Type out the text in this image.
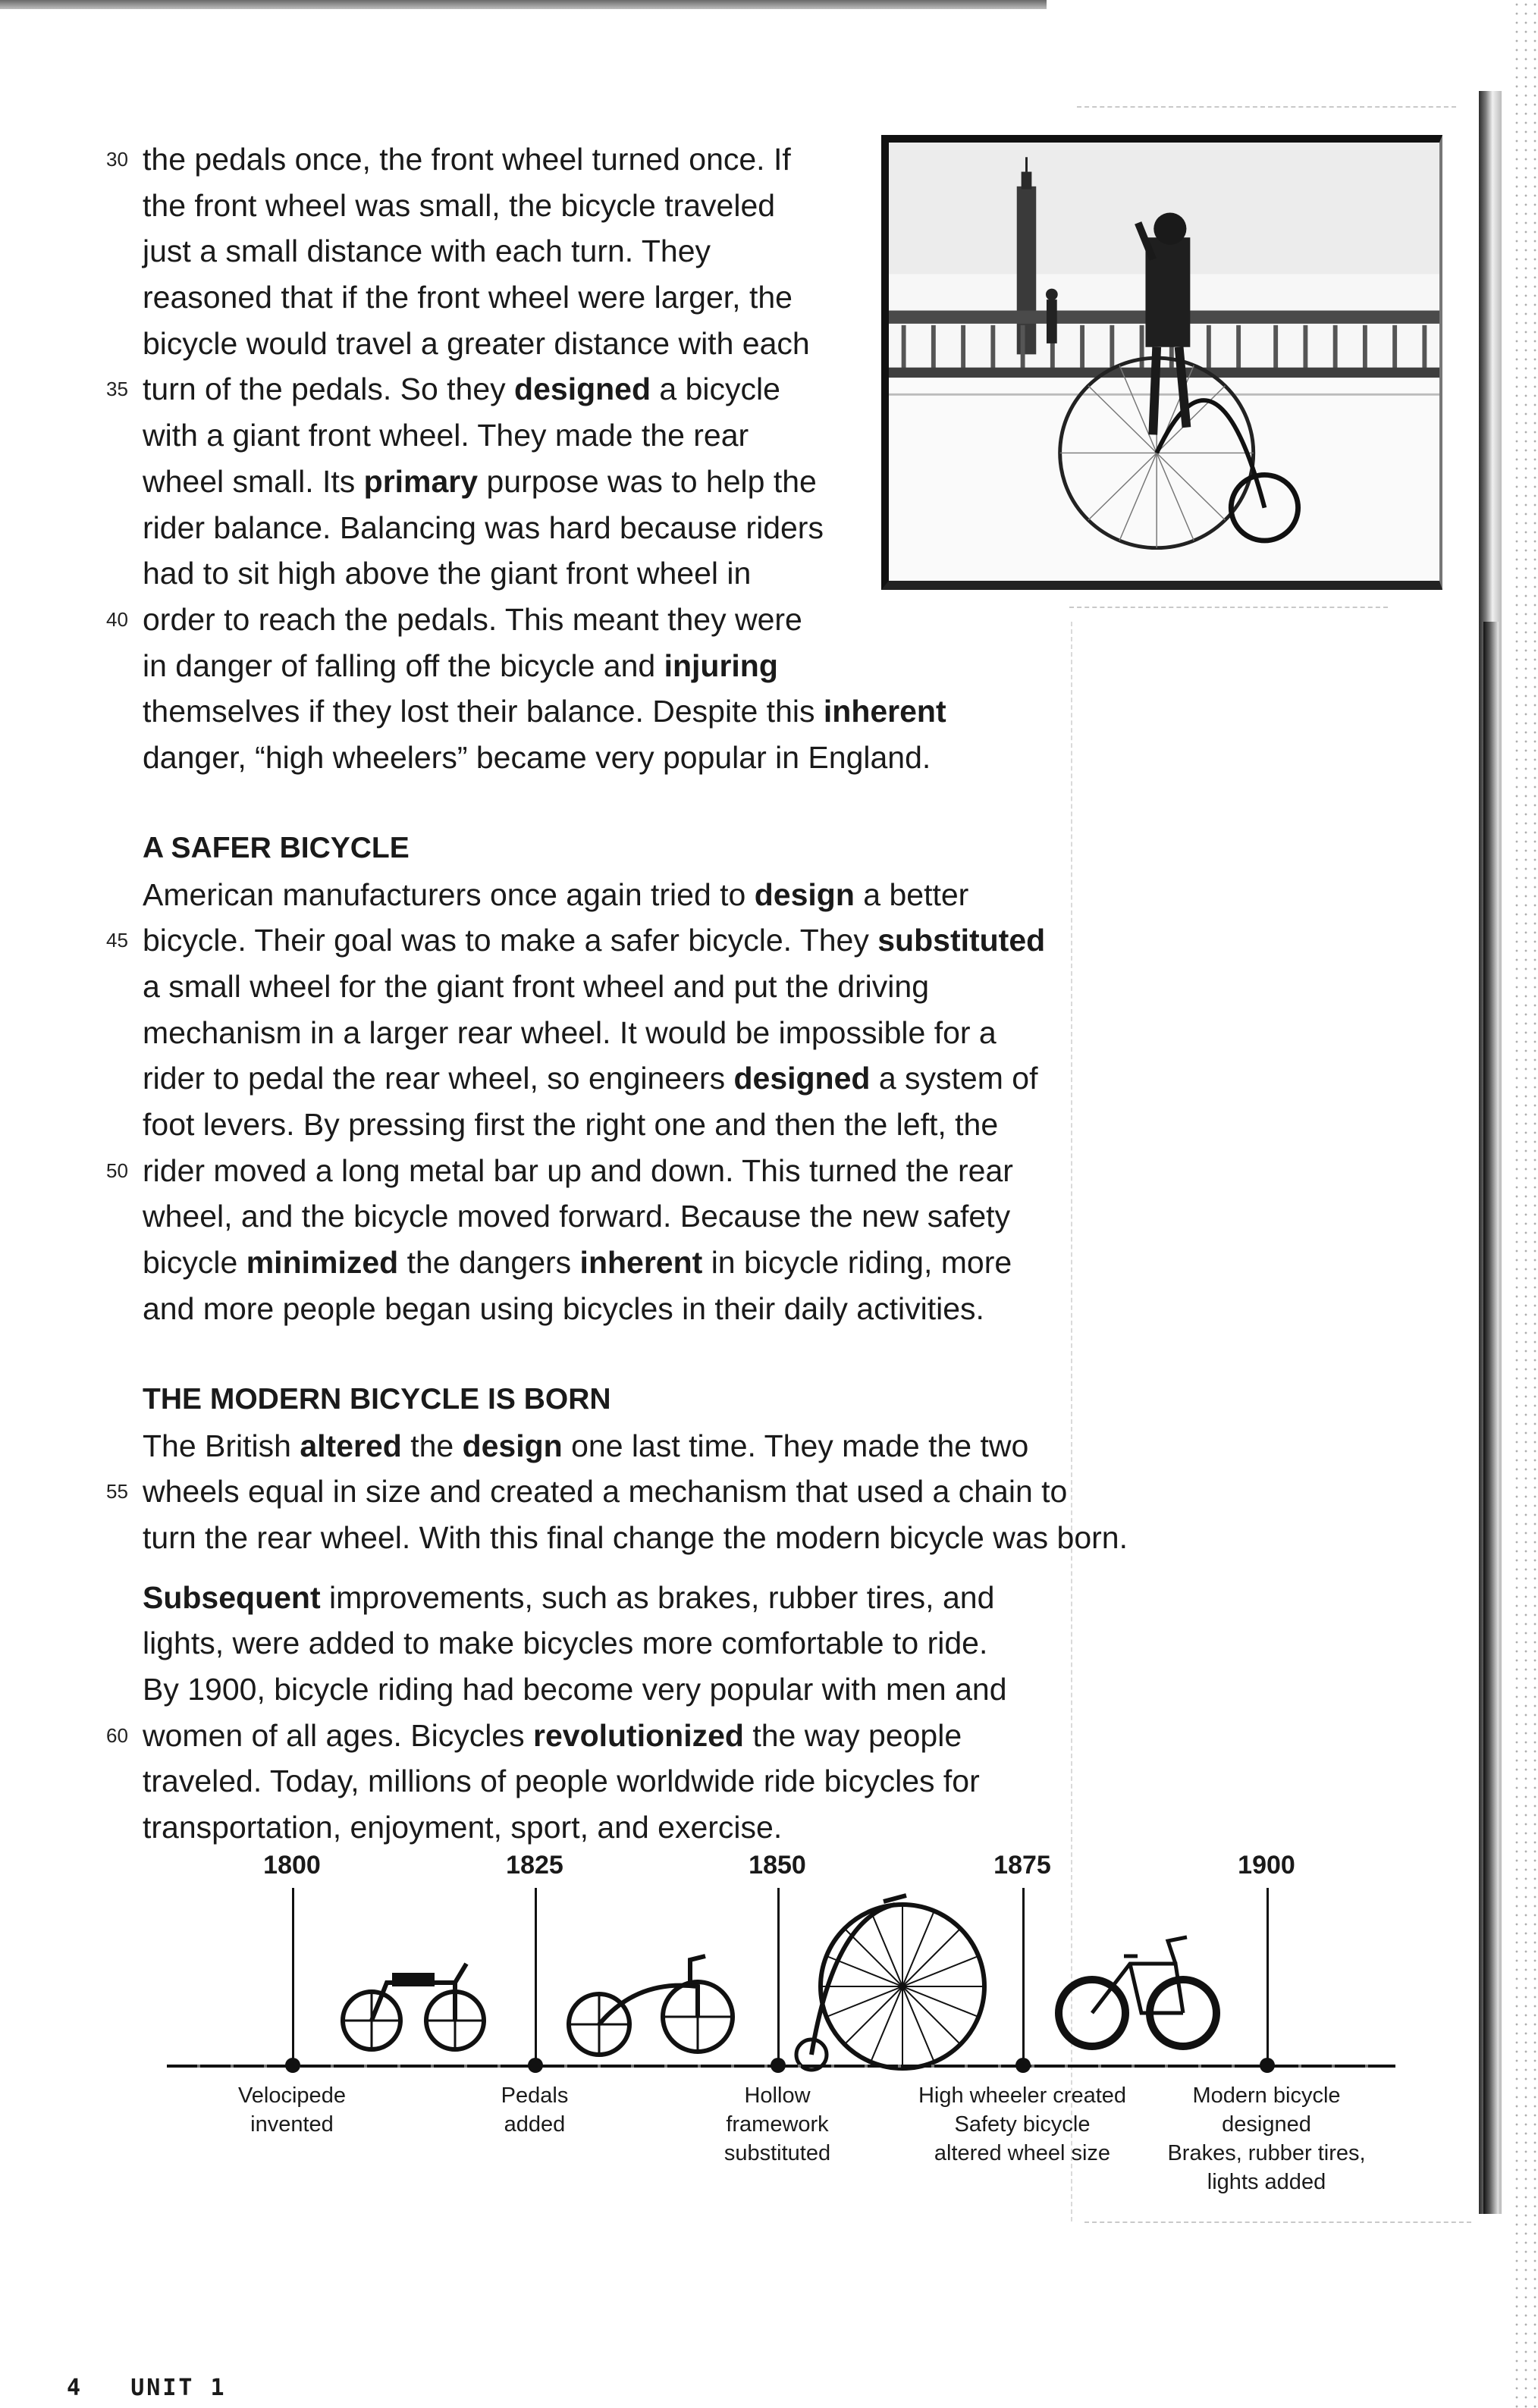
30 the pedals once, the front wheel turned once. If
the front wheel was small, the bicycle traveled
just a small distance with each turn. They
reasoned that if the front wheel were larger, the
bicycle would travel a greater distance with each
35 turn of the pedals. So they designed a bicycle
with a giant front wheel. They made the rear
wheel small. Its primary purpose was to help the
rider balance. Balancing was hard because riders
had to sit high above the giant front wheel in
40 order to reach the pedals. This meant they were
in danger of falling off the bicycle and injuring
themselves if they lost their balance. Despite this inherent
danger, “high wheelers” became very popular in England.
A SAFER BICYCLE
American manufacturers once again tried to design a better
45 bicycle. Their goal was to make a safer bicycle. They substituted
a small wheel for the giant front wheel and put the driving
mechanism in a larger rear wheel. It would be impossible for a
rider to pedal the rear wheel, so engineers designed a system of
foot levers. By pressing first the right one and then the left, the
50 rider moved a long metal bar up and down. This turned the rear
wheel, and the bicycle moved forward. Because the new safety
bicycle minimized the dangers inherent in bicycle riding, more
and more people began using bicycles in their daily activities.
THE MODERN BICYCLE IS BORN
The British altered the design one last time. They made the two
55 wheels equal in size and created a mechanism that used a chain to
turn the rear wheel. With this final change the modern bicycle was born.
Subsequent improvements, such as brakes, rubber tires, and
lights, were added to make bicycles more comfortable to ride.
By 1900, bicycle riding had become very popular with men and
60 women of all ages. Bicycles revolutionized the way people
traveled. Today, millions of people worldwide ride bicycles for
transportation, enjoyment, sport, and exercise.
1800
Velocipede
invented
1825
Pedals
added
1850
Hollow
framework
substituted
1875
High wheeler created
Safety bicycle
altered wheel size
1900
Modern bicycle designed
Brakes, rubber tires,
lights added
4 UNIT 1
